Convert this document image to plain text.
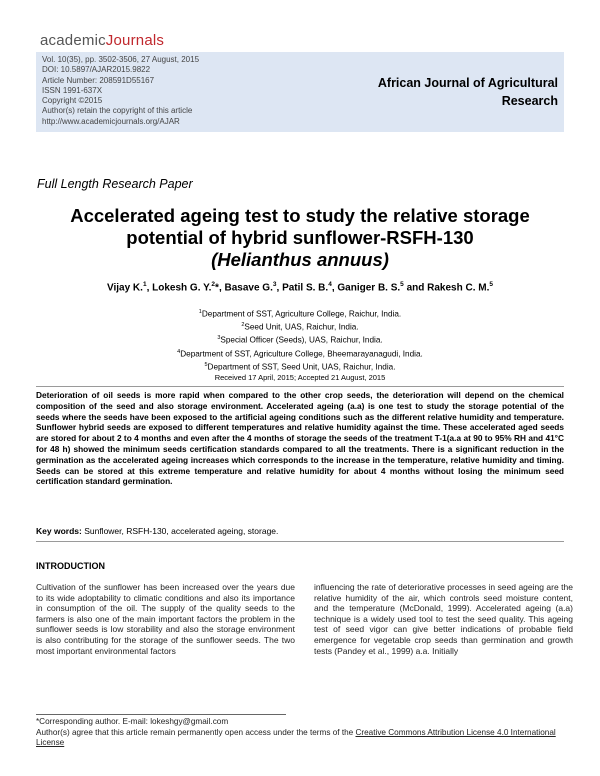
academicJournals
Vol. 10(35), pp. 3502-3506, 27 August, 2015
DOI: 10.5897/AJAR2015.9822
Article Number: 208591D55167
ISSN 1991-637X
Copyright ©2015
Author(s) retain the copyright of this article
http://www.academicjournals.org/AJAR
African Journal of Agricultural
Research
Full Length Research Paper
Accelerated ageing test to study the relative storage
potential of hybrid sunflower-RSFH-130
(Helianthus annuus)
Vijay K.$^1$, Lokesh G. Y.$^2$*, Basave G.$^3$, Patil S. B.$^4$, Ganiger B. S.$^5$ and Rakesh C. M.$^5$
$^1$Department of SST, Agriculture College, Raichur, India.
$^2$Seed Unit, UAS, Raichur, India.
$^3$Special Officer (Seeds), UAS, Raichur, India.
$^4$Department of SST, Agriculture College, Bheemarayanagudi, India.
$^5$Department of SST, Seed Unit, UAS, Raichur, India.
Received 17 April, 2015; Accepted 21 August, 2015
Deterioration of oil seeds is more rapid when compared to the other crop seeds, the deterioration will depend on the chemical composition of the seed and also storage environment. Accelerated ageing (a.a) is one test to study the storage potential of the seeds where the seeds have been exposed to the artificial ageing conditions such as the different relative humidity and temperature. Sunflower hybrid seeds are exposed to different temperatures and relative humidity against the time. These accelerated aged seeds are stored for about 2 to 4 months and even after the 4 months of storage the seeds of the treatment T-1(a.a at 90 to 95% RH and 41°C for 48 h) showed the minimum seeds certification standards compared to all the treatments. There is a significant reduction in the germination as the accelerated ageing increases which corresponds to the increase in the temperature, relative humidity and timing. Seeds can be stored at this extreme temperature and relative humidity for about 4 months without losing the minimum seed certification standard germination.
Key words: Sunflower, RSFH-130, accelerated ageing, storage.
INTRODUCTION
Cultivation of the sunflower has been increased over the years due to its wide adoptability to climatic conditions and also its importance in consumption of the oil. The supply of the quality seeds to the farmers is also one of the main important factors the problem in the sunflower seeds is low storability and also the storage environment is also contributing for the storage of the sunflower seeds. The two most important environmental factors
influencing the rate of deteriorative processes in seed ageing are the relative humidity of the air, which controls seed moisture content, and the temperature (McDonald, 1999). Accelerated ageing (a.a) technique is a widely used tool to test the seed quality. This ageing test of seed vigor can give better indications of probable field emergence for vegetable crop seeds than germination and growth tests (Pandey et al., 1999) a.a. Initially
*Corresponding author. E-mail: lokeshgy@gmail.com
Author(s) agree that this article remain permanently open access under the terms of the Creative Commons Attribution License 4.0 International License
